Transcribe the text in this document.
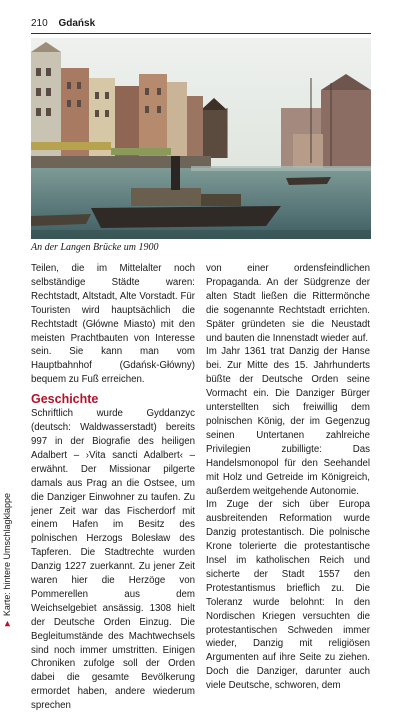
210 Gdańsk
An der Langen Brücke um 1900

Teilen, die im Mittelalter noch selbständige Städte waren: Rechtstadt, Altstadt, Alte Vorstadt. Für Touristen wird hauptsächlich die Rechtstadt (Główne Miasto) mit den meisten Prachtbauten von Interesse sein. Sie kann man vom Hauptbahnhof (Gdańsk-Główny) bequem zu Fuß erreichen.

Geschichte

Schriftlich wurde Gyddanzyc (deutsch: Waldwasserstadt) bereits 997 in der Biografie des heiligen Adalbert – ›Vita sancti Adalbert‹ – erwähnt. Der Missionar pilgerte damals aus Prag an die Ostsee, um die Danziger Einwohner zu taufen. Zu jener Zeit war das Fischerdorf mit einem Hafen im Besitz des polnischen Herzogs Bolesław des Tapferen. Die Stadtrechte wurden Danzig 1227 zuerkannt. Zu jener Zeit waren hier die Herzöge von Pommerellen aus dem Weichselgebiet ansässig. 1308 hielt der Deutsche Orden Einzug. Die Begleitumstände des Machtwechsels sind noch immer umstritten. Einigen Chroniken zufolge soll der Orden dabei die gesamte Bevölkerung ermordet haben, andere wiederum sprechen

von einer ordensfeindlichen Propaganda. An der Südgrenze der alten Stadt ließen die Rittermönche die sogenannte Rechtstadt errichten. Später gründeten sie die Neustadt und bauten die Innenstadt wieder auf.

Im Jahr 1361 trat Danzig der Hanse bei. Zur Mitte des 15. Jahrhunderts büßte der Deutsche Orden seine Vormacht ein. Die Danziger Bürger unterstellten sich freiwillig dem polnischen König, der im Gegenzug seinen Untertanen zahlreiche Privilegien zubilligte: Das Handelsmonopol für den Seehandel mit Holz und Getreide im Königreich, außerdem weitgehende Autonomie.

Im Zuge der sich über Europa ausbreitenden Reformation wurde Danzig protestantisch. Die polnische Krone tolerierte die protestantische Insel im katholischen Reich und sicherte der Stadt 1557 den Protestantismus brieflich zu. Die Toleranz wurde belohnt: In den Nordischen Kriegen versuchten die protestantischen Schweden immer wieder, Danzig mit religiösen Argumenten auf ihre Seite zu ziehen. Doch die Danziger, darunter auch viele Deutsche, schworen, dem

►Karte: hintere Umschlagklappe
